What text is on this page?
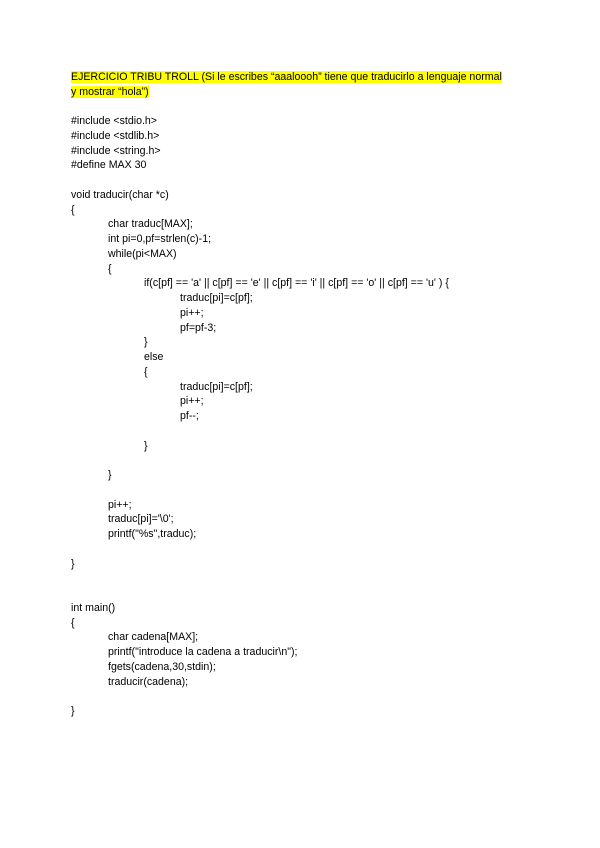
EJERCICIO TRIBU TROLL (Si le escribes “aaaloooh” tiene que traducirlo a lenguaje normal
y mostrar “hola”)
#include <stdio.h>
#include <stdlib.h>
#include <string.h>
#define MAX 30
void traducir(char *c)
{
char traduc[MAX];
int pi=0,pf=strlen(c)-1;
while(pi<MAX)
{
if(c[pf] == 'a' || c[pf] == 'e' || c[pf] == 'i' || c[pf] == 'o' || c[pf] == 'u' ) {
traduc[pi]=c[pf];
pi++;
pf=pf-3;
}
else
{
traduc[pi]=c[pf];
pi++;
pf--;
}
}
pi++;
traduc[pi]='\0';
printf("%s",traduc);
}
int main()
{
char cadena[MAX];
printf("introduce la cadena a traducir\n");
fgets(cadena,30,stdin);
traducir(cadena);
}
